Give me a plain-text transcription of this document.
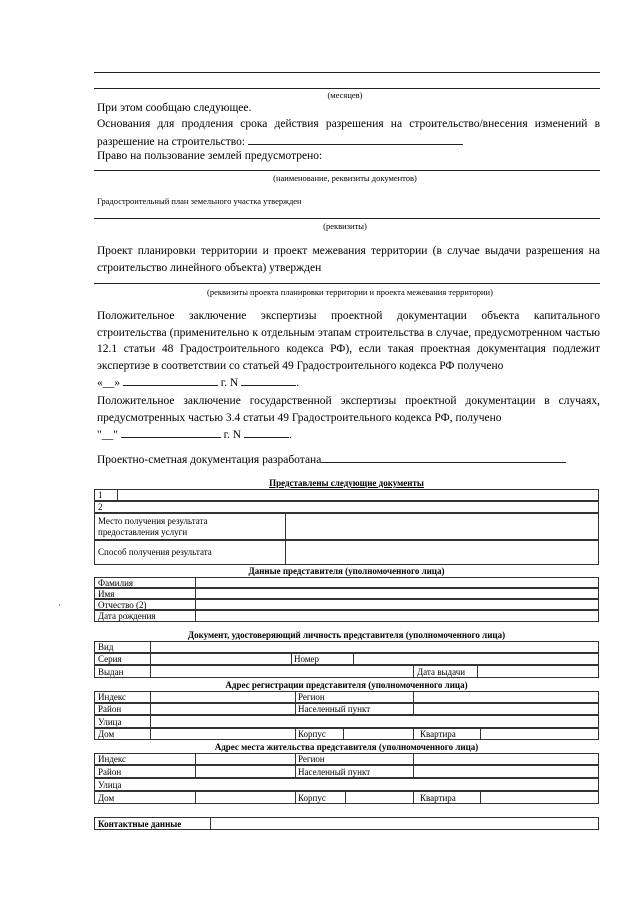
(месяцев)
При этом сообщаю следующее.
Основания для продления срока действия разрешения на строительство/внесения изменений в разрешение на строительство:
Право на пользование землей предусмотрено:
(наименование, реквизиты документов)
Градостроительный план земельного участка утвержден
(реквизиты)
Проект планировки территории и проект межевания территории (в случае выдачи разрешения на строительство линейного объекта) утвержден
(реквизиты проекта планировки территории и проекта межевания территории)
Положительное заключение экспертизы проектной документации объекта капитального строительства (применительно к отдельным этапам строительства в случае, предусмотренном частью 12.1 статьи 48 Градостроительного кодекса РФ), если такая проектная документация подлежит экспертизе в соответствии со статьей 49 Градостроительного кодекса РФ получено
«__»	г. N	.
Положительное заключение государственной экспертизы проектной документации в случаях, предусмотренных частью 3.4 статьи 49 Градостроительного кодекса РФ, получено
"__"	г. N	.
Проектно-сметная документация разработана
Представлены следующие документы
1
2
Место получения результата предоставления услуги
Способ получения результата
Данные представителя (уполномоченного лица)
Фамилия
Имя
Отчество (2)
Дата рождения
Документ, удостоверяющий личность представителя (уполномоченного лица)
Вид
Серия	Номер
Выдан	Дата выдачи
Адрес регистрации представителя (уполномоченного лица)
Индекс	Регион
Район	Населенный пункт
Улица
Дом	Корпус	Квартира
Адрес места жительства представителя (уполномоченного лица)
Индекс	Регион
Район	Населенный пункт
Улица
Дом	Корпус	Квартира
Контактные данные
·
